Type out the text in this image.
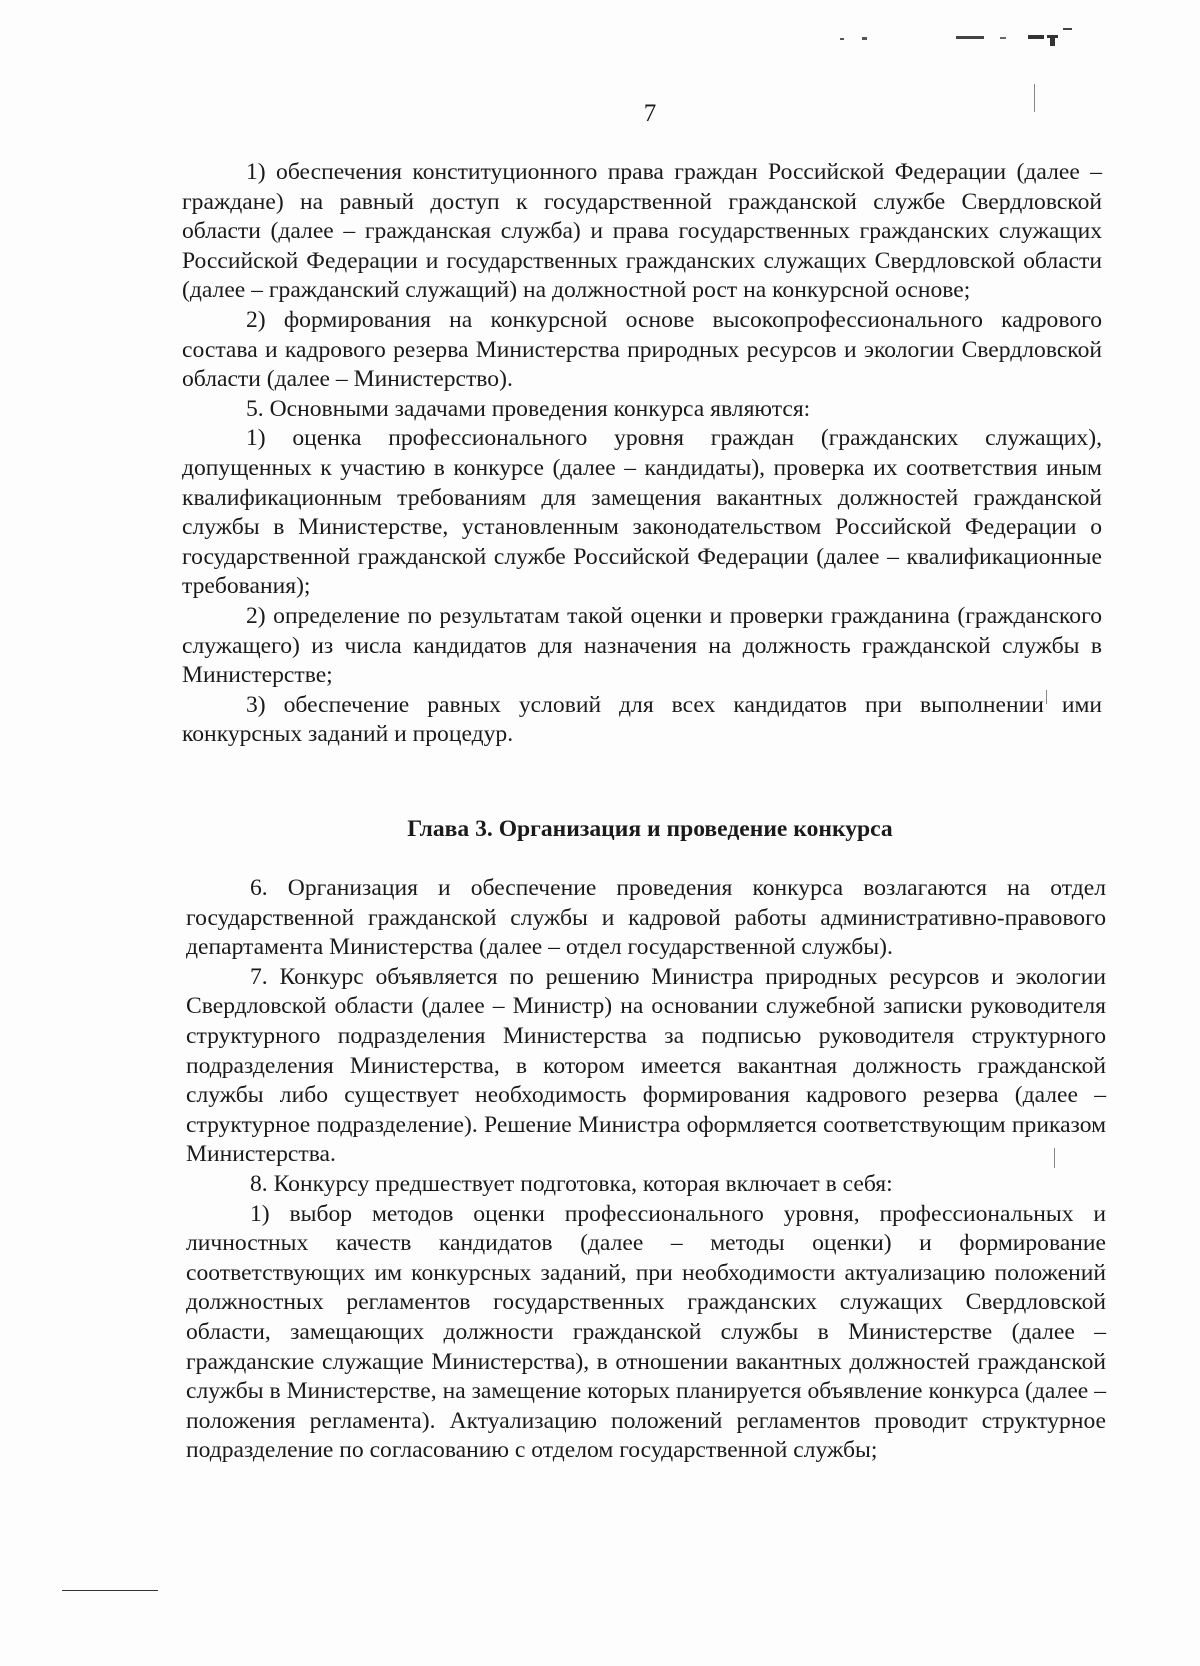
7

1) обеспечения конституционного права граждан Российской Федерации (далее – граждане) на равный доступ к государственной гражданской службе Свердловской области (далее – гражданская служба) и права государственных гражданских служащих Российской Федерации и государственных гражданских служащих Свердловской области (далее – гражданский служащий) на должностной рост на конкурсной основе;

2) формирования на конкурсной основе высокопрофессионального кадрового состава и кадрового резерва Министерства природных ресурсов и экологии Свердловской области (далее – Министерство).

5. Основными задачами проведения конкурса являются:

1) оценка профессионального уровня граждан (гражданских служащих), допущенных к участию в конкурсе (далее – кандидаты), проверка их соответствия иным квалификационным требованиям для замещения вакантных должностей гражданской службы в Министерстве, установленным законодательством Российской Федерации о государственной гражданской службе Российской Федерации (далее – квалификационные требования);

2) определение по результатам такой оценки и проверки гражданина (гражданского служащего) из числа кандидатов для назначения на должность гражданской службы в Министерстве;

3) обеспечение равных условий для всех кандидатов при выполнении ими конкурсных заданий и процедур.

Глава 3. Организация и проведение конкурса

6. Организация и обеспечение проведения конкурса возлагаются на отдел государственной гражданской службы и кадровой работы административно-правового департамента Министерства (далее – отдел государственной службы).

7. Конкурс объявляется по решению Министра природных ресурсов и экологии Свердловской области (далее – Министр) на основании служебной записки руководителя структурного подразделения Министерства за подписью руководителя структурного подразделения Министерства, в котором имеется вакантная должность гражданской службы либо существует необходимость формирования кадрового резерва (далее – структурное подразделение). Решение Министра оформляется соответствующим приказом Министерства.

8. Конкурсу предшествует подготовка, которая включает в себя:

1) выбор методов оценки профессионального уровня, профессиональных и личностных качеств кандидатов (далее – методы оценки) и формирование соответствующих им конкурсных заданий, при необходимости актуализацию положений должностных регламентов государственных гражданских служащих Свердловской области, замещающих должности гражданской службы в Министерстве (далее – гражданские служащие Министерства), в отношении вакантных должностей гражданской службы в Министерстве, на замещение которых планируется объявление конкурса (далее – положения регламента). Актуализацию положений регламентов проводит структурное подразделение по согласованию с отделом государственной службы;
